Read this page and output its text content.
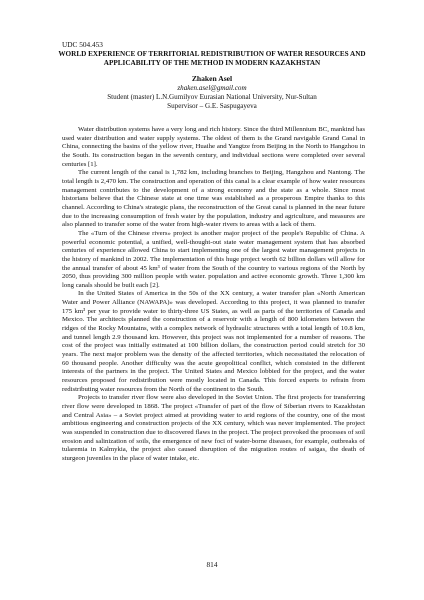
UDC 504.453
WORLD EXPERIENCE OF TERRITORIAL REDISTRIBUTION OF WATER RESOURCES AND APPLICABILITY OF THE METHOD IN MODERN KAZAKHSTAN
Zhaken Asel
zhaken.asel@gmail.com
Student (master) L.N.Gumilyov Eurasian National University, Nur-Sultan
Supervisor – G.E. Saspugayeva

Water distribution systems have a very long and rich history. Since the third Millennium BC, mankind has used water distribution and water supply systems. The oldest of them is the Grand navigable Grand Canal in China, connecting the basins of the yellow river, Huaihe and Yangtze from Beijing in the North to Hangzhou in the South. Its construction began in the seventh century, and individual sections were completed over several centuries [1].

The current length of the canal is 1,782 km, including branches to Beijing, Hangzhou and Nantong. The total length is 2,470 km. The construction and operation of this canal is a clear example of how water resources management contributes to the development of a strong economy and the state as a whole. Since most historians believe that the Chinese state at one time was established as a prosperous Empire thanks to this channel. According to China's strategic plans, the reconstruction of the Great canal is planned in the near future due to the increasing consumption of fresh water by the population, industry and agriculture, and measures are also planned to transfer some of the water from high-water rivers to areas with a lack of them.

The «Turn of the Chinese rivers» project is another major project of the people's Republic of China. A powerful economic potential, a unified, well-thought-out state water management system that has absorbed centuries of experience allowed China to start implementing one of the largest water management projects in the history of mankind in 2002. The implementation of this huge project worth 62 billion dollars will allow for the annual transfer of about 45 km³ of water from the South of the country to various regions of the North by 2050, thus providing 300 million people with water. population and active economic growth. Three 1,300 km long canals should be built each [2].

In the United States of America in the 50s of the XX century, a water transfer plan «North American Water and Power Alliance (NAWAPA)» was developed. According to this project, it was planned to transfer 175 km³ per year to provide water to thirty-three US States, as well as parts of the territories of Canada and Mexico. The architects planned the construction of a reservoir with a length of 800 kilometers between the ridges of the Rocky Mountains, with a complex network of hydraulic structures with a total length of 10.8 km, and tunnel length 2.9 thousand km. However, this project was not implemented for a number of reasons. The cost of the project was initially estimated at 100 billion dollars, the construction period could stretch for 30 years. The next major problem was the density of the affected territories, which necessitated the relocation of 60 thousand people. Another difficulty was the acute geopolitical conflict, which consisted in the different interests of the partners in the project. The United States and Mexico lobbied for the project, and the water resources proposed for redistribution were mostly located in Canada. This forced experts to refrain from redistributing water resources from the North of the continent to the South.

Projects to transfer river flow were also developed in the Soviet Union. The first projects for transferring river flow were developed in 1868. The project «Transfer of part of the flow of Siberian rivers to Kazakhstan and Central Asia» – a Soviet project aimed at providing water to arid regions of the country, one of the most ambitious engineering and construction projects of the XX century, which was never implemented. The project was suspended in construction due to discovered flaws in the project. The project provoked the processes of soil erosion and salinization of soils, the emergence of new foci of water-borne diseases, for example, outbreaks of tularemia in Kalmykia, the project also caused disruption of the migration routes of saigas, the death of sturgeon juveniles in the place of water intake, etc.

814
